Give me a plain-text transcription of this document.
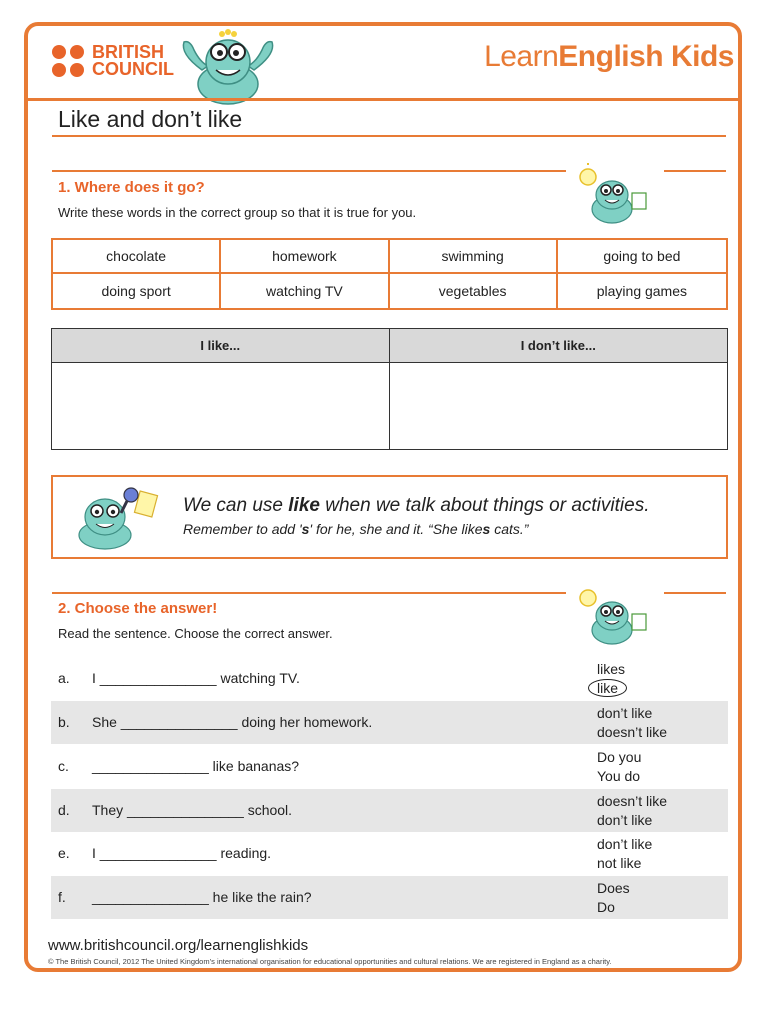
BRITISH
COUNCIL	LearnEnglish Kids
Like and don’t like
1. Where does it go?
Write these words in the correct group so that it is true for you.
chocolate	homework	swimming	going to bed
doing sport	watching TV	vegetables	playing games
I like...	I don’t like...
We can use like when we talk about things or activities.
Remember to add 's' for he, she and it. “She likes cats.”
2. Choose the answer!
Read the sentence. Choose the correct answer.
a. I _______________ watching TV.
likes
like
b. She _______________ doing her homework.
don’t like
doesn’t like
c. _______________ like bananas?
Do you
You do
d. They _______________ school.
doesn’t like
don’t like
e. I _______________ reading.
don’t like
not like
f. _______________ he like the rain?
Does
Do
www.britishcouncil.org/learnenglishkids
© The British Council, 2012 The United Kingdom’s international organisation for educational opportunities and cultural relations. We are registered in England as a charity.
